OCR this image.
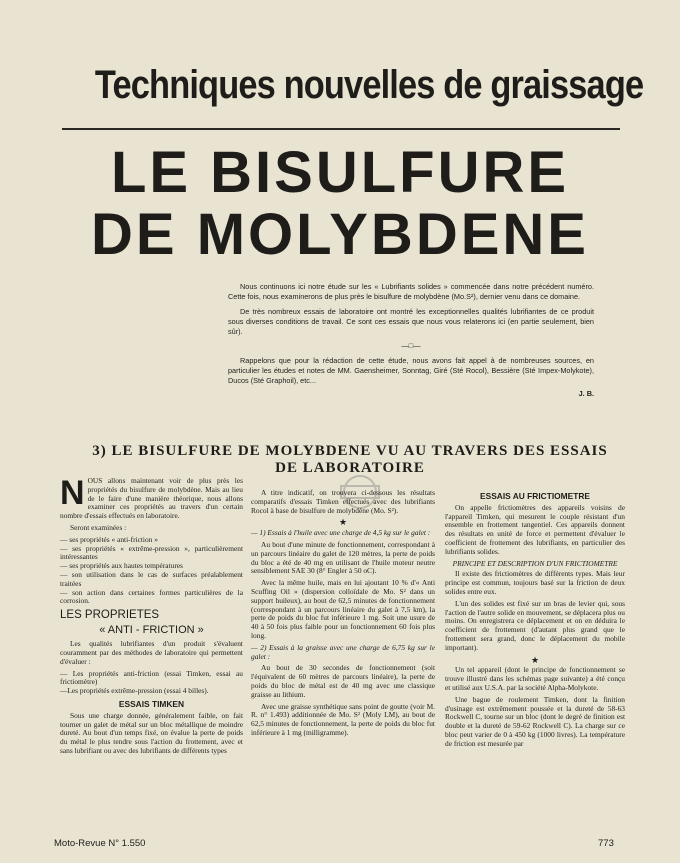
Techniques nouvelles de graissage
LE BISULFURE
DE MOLYBDENE

Nous continuons ici notre étude sur les « Lubrifiants solides » commencée dans notre précédent numéro. Cette fois, nous examinerons de plus près le bisulfure de molybdène (Mo.S²), dernier venu dans ce domaine.

De très nombreux essais de laboratoire ont montré les exceptionnelles qualités lubrifiantes de ce produit sous diverses conditions de travail. Ce sont ces essais que nous vous relaterons ici (en partie seulement, bien sûr).

—□—

Rappelons que pour la rédaction de cette étude, nous avons fait appel à de nombreuses sources, en particulier les études et notes de MM. Gaensheimer, Sonntag, Giré (Sté Rocol), Bessière (Sté Impex-Molykote), Ducos (Sté Graphoil), etc...

J. B.
3) LE BISULFURE DE MOLYBDENE VU AU TRAVERS DES ESSAIS DE LABORATOIRE

NOUS allons maintenant voir de plus près les propriétés du bisulfure de molybdène. Mais au lieu de le faire d'une manière théorique, nous allons examiner ces propriétés au travers d'un certain nombre d'essais effectués en laboratoire.

Seront examinées :

— ses propriétés « anti-friction »

— ses propriétés « extrême-pression », particulièrement intéressantes

— ses propriétés aux hautes températures

— son utilisation dans le cas de surfaces préalablement traitées

— son action dans certaines formes particulières de la corrosion.

LES PROPRIETES
« ANTI - FRICTION »

Les qualités lubrifiantes d'un produit s'évaluent couramment par des méthodes de laboratoire qui permettent d'évaluer :

— Les propriétés anti-friction (essai Timken, essai au frictiomètre)

—Les propriétés extrême-pression (essai 4 billes).

ESSAIS TIMKEN

Sous une charge donnée, généralement faible, on fait tourner un galet de métal sur un bloc métallique de moindre dureté. Au bout d'un temps fixé, on évalue la perte de poids du métal le plus tendre sous l'action du frottement, avec et sans lubrifiant ou avec des lubrifiants de différents types

A titre indicatif, on trouvera ci-dessous les résultats comparatifs d'essais Timken effectués avec des lubrifiants Rocol à base de bisulfure de molybdène (Mo. S²).

★

— 1) Essais à l'huile avec une charge de 4,5 kg sur le galet :

Au bout d'une minute de fonctionnement, correspondant à un parcours linéaire du galet de 120 mètres, la perte de poids du bloc a été de 40 mg en utilisant de l'huile moteur neutre sensiblement SAE 30 (8° Engler à 50 oC).

Avec la même huile, mais en lui ajoutant 10 % d'« Anti Scuffing Oil » (dispersion colloïdale de Mo. S² dans un support huileux), au bout de 62,5 minutes de fonctionnement (correspondant à un parcours linéaire du galet à 7,5 km), la perte de poids du bloc fut inférieure 1 mg. Soit une usure de 40 à 50 fois plus faible pour un fonctionnement 60 fois plus long.

— 2) Essais à la graisse avec une charge de 6,75 kg sur le galet :

Au bout de 30 secondes de fonctionnement (soit l'équivalent de 60 mètres de parcours linéaire), la perte de poids du bloc de métal est de 40 mg avec une classique graisse au lithium.

Avec une graisse synthétique sans point de goutte (voir M. R. n° 1.493) additionnée de Mo. S² (Moly LM), au bout de 62,5 minutes de fonctionnement, la perte de poids du bloc fut inférieure à 1 mg (milligramme).

ESSAIS AU FRICTIOMETRE

On appelle frictiomètres des appareils voisins de l'appareil Timken, qui mesurent le couple résistant d'un ensemble en frottement tangentiel. Ces appareils donnent des résultats en unité de force et permettent d'évaluer le coefficient de frottement des lubrifiants, en particulier des lubrifiants solides.

PRINCIPE ET DESCRIPTION D'UN FRICTIOMETRE

Il existe des frictiomètres de différents types. Mais leur principe est commun, toujours basé sur la friction de deux solides entre eux.

L'un des solides est fixé sur un bras de levier qui, sous l'action de l'autre solide en mouvement, se déplacera plus ou moins. On enregistrera ce déplacement et on en déduira le coefficient de frottement (d'autant plus grand que le frottement sera grand, donc le déplacement du mobile important).

★

Un tel appareil (dont le principe de fonctionnement se trouve illustré dans les schémas page suivante) a été conçu et utilisé aux U.S.A. par la société Alpha-Molykote.

Une bague de roulement Timken, dont la finition d'usinage est extrêmement poussée et la dureté de 58-63 Rockwell C, tourne sur un bloc (dont le degré de finition est double et la dureté de 59-62 Rockwell C). La charge sur ce bloc peut varier de 0 à 450 kg (1000 livres). La température de friction est mesurée par

Moto-Revue N° 1.550	773
